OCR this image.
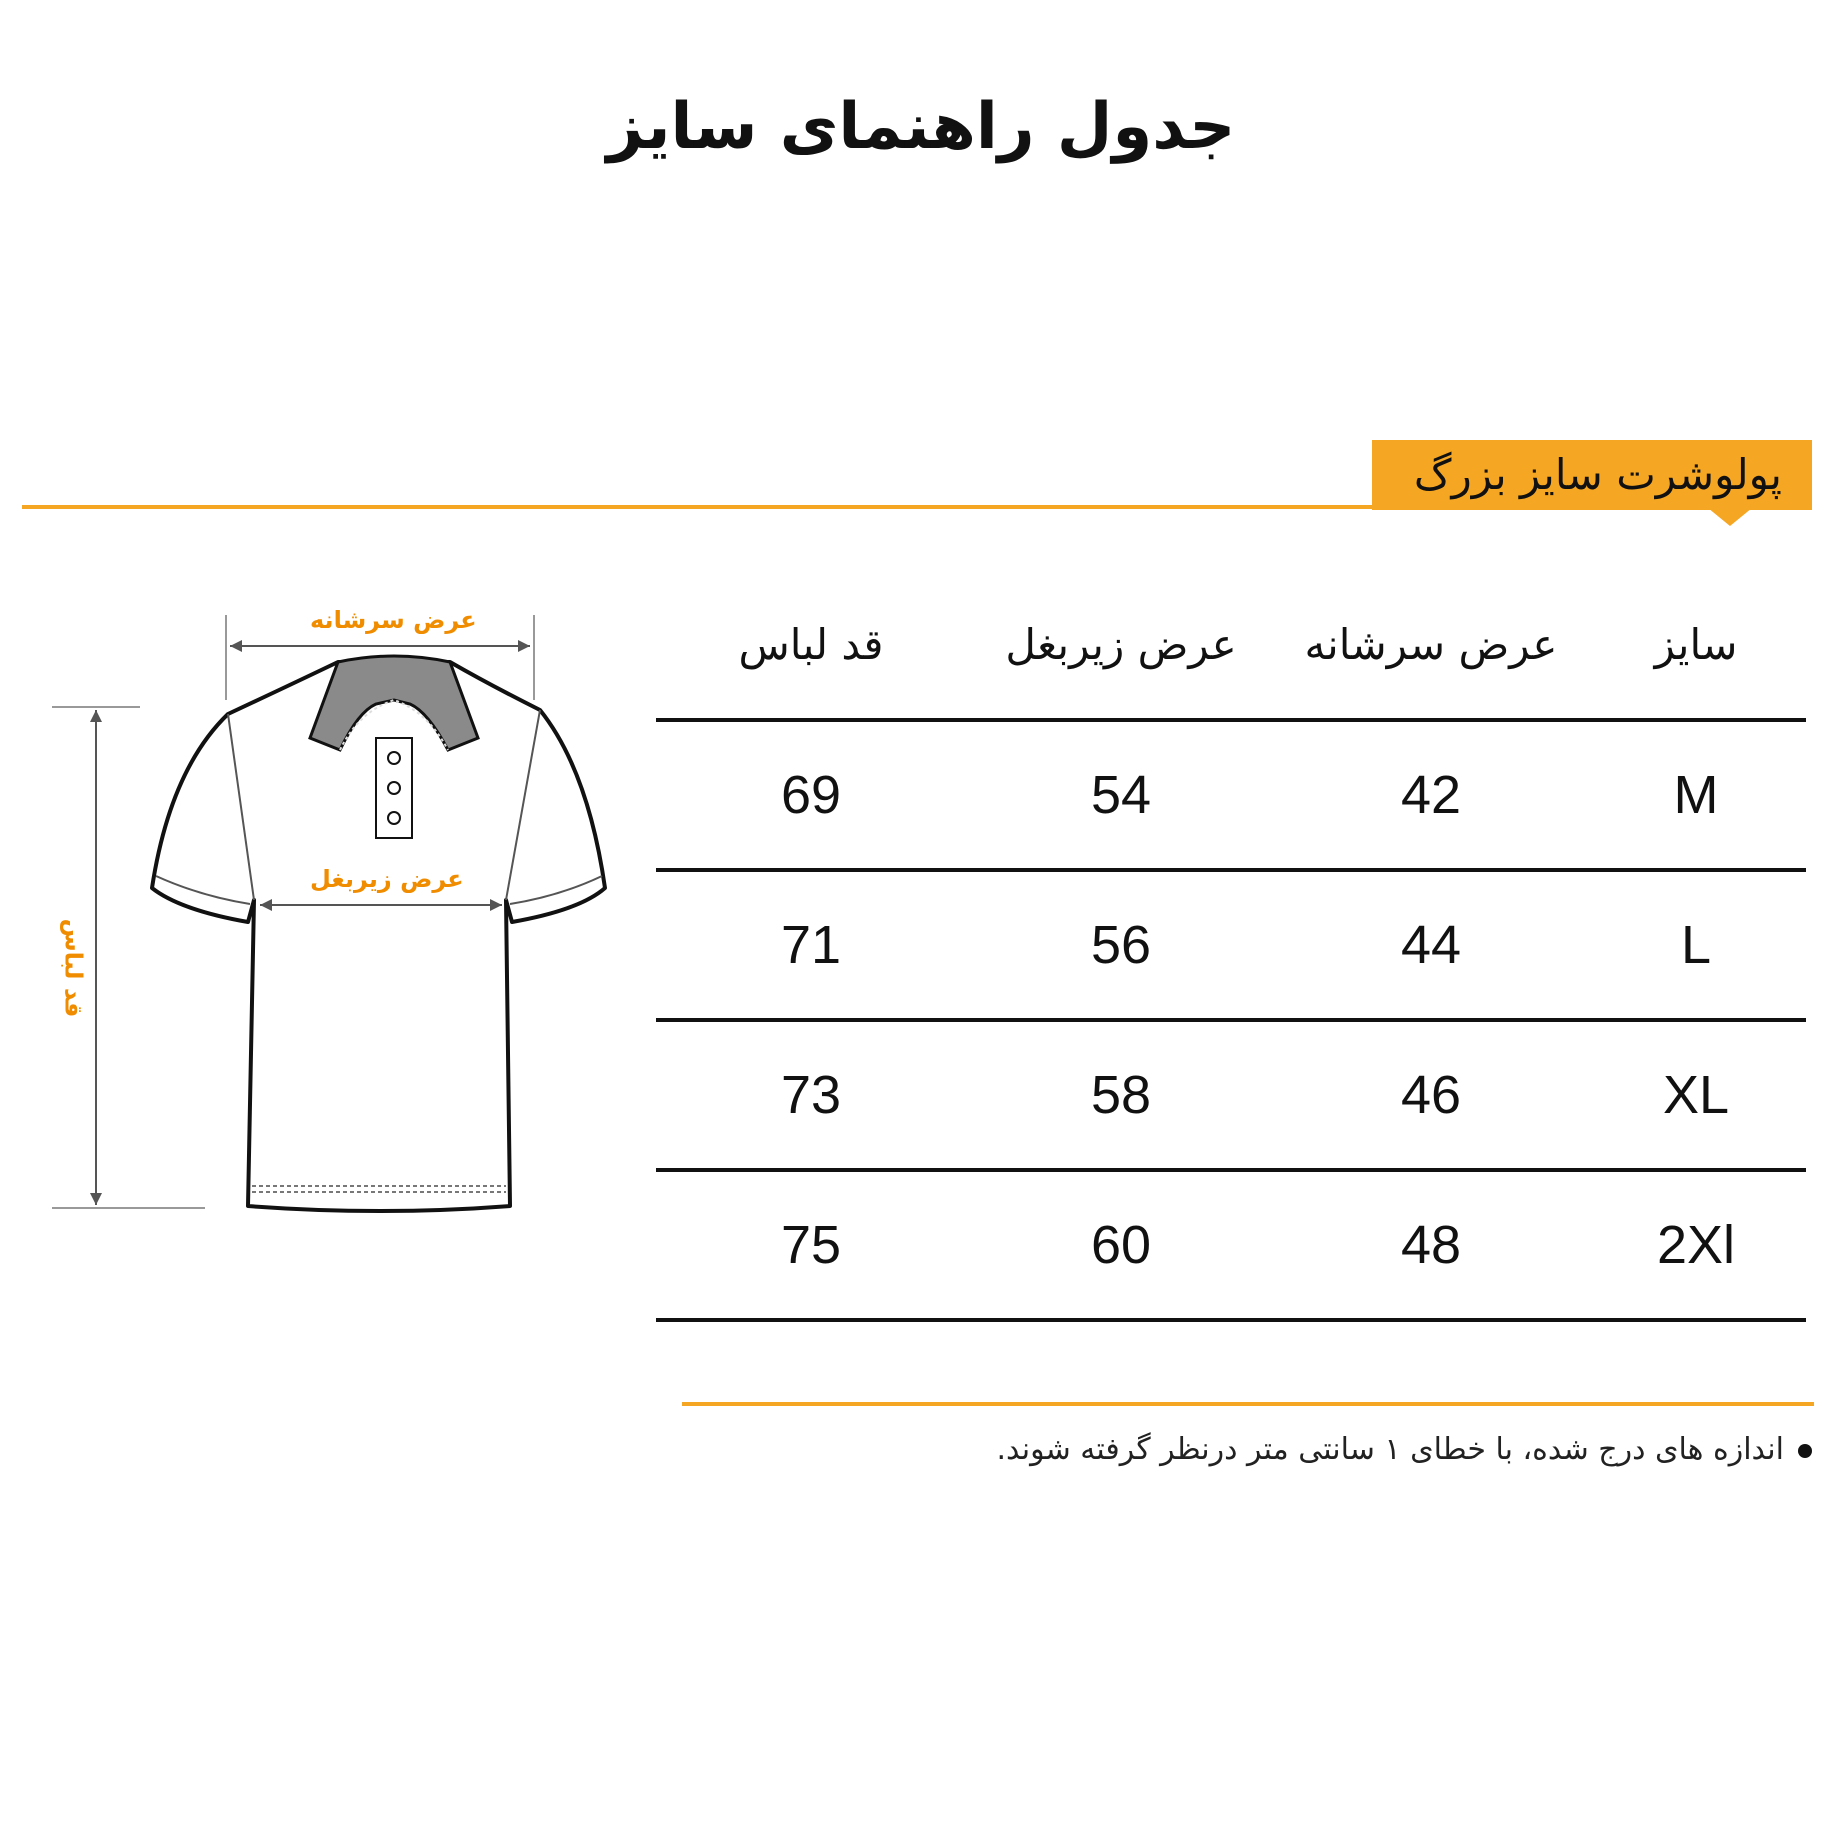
جدول راهنمای سایز
پولوشرت سایز بزرگ
عرض سرشانه
عرض زیربغل
قد لباس
قد لباس	عرض زیربغل	عرض سرشانه	سایز
69	54	42	M
71	56	44	L
73	58	46	XL
75	60	48	2Xl
اندازه های درج شده، با خطای ۱ سانتی متر درنظر گرفته شوند.
